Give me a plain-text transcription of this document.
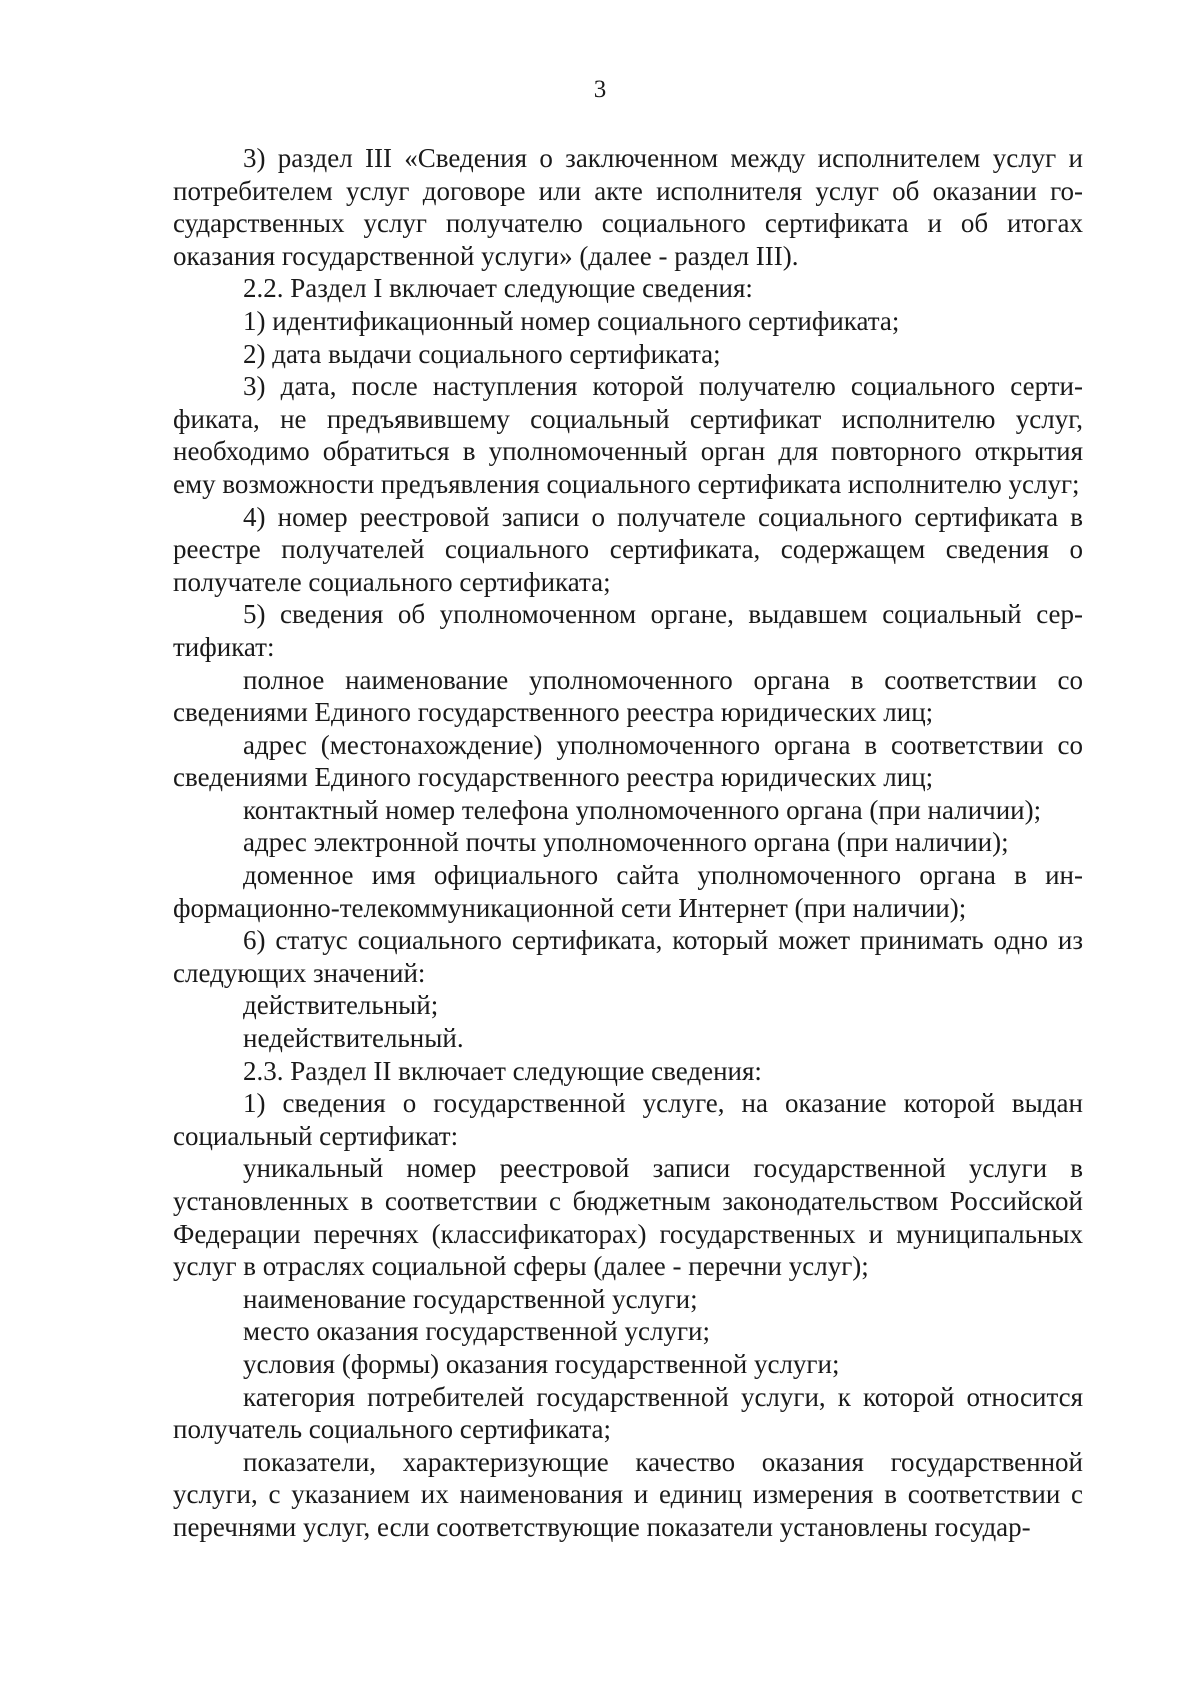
3

3) раздел III «Сведения о заключенном между исполнителем услуг и потребителем услуг договоре или акте исполнителя услуг об оказании государственных услуг получателю социального сертификата и об итогах оказания государственной услуги» (далее - раздел III).

2.2. Раздел I включает следующие сведения:

1) идентификационный номер социального сертификата;

2) дата выдачи социального сертификата;

3) дата, после наступления которой получателю социального сертификата, не предъявившему социальный сертификат исполнителю услуг, необходимо обратиться в уполномоченный орган для повторного открытия ему возможности предъявления социального сертификата исполнителю услуг;

4) номер реестровой записи о получателе социального сертификата в реестре получателей социального сертификата, содержащем сведения о получателе социального сертификата;

5) сведения об уполномоченном органе, выдавшем социальный сертификат:

полное наименование уполномоченного органа в соответствии со сведениями Единого государственного реестра юридических лиц;

адрес (местонахождение) уполномоченного органа в соответствии со сведениями Единого государственного реестра юридических лиц;

контактный номер телефона уполномоченного органа (при наличии);

адрес электронной почты уполномоченного органа (при наличии);

доменное имя официального сайта уполномоченного органа в информационно-телекоммуникационной сети Интернет (при наличии);

6) статус социального сертификата, который может принимать одно из следующих значений:

действительный;

недействительный.

2.3. Раздел II включает следующие сведения:

1) сведения о государственной услуге, на оказание которой выдан социальный сертификат:

уникальный номер реестровой записи государственной услуги в установленных в соответствии с бюджетным законодательством Российской Федерации перечнях (классификаторах) государственных и муниципальных услуг в отраслях социальной сферы (далее - перечни услуг);

наименование государственной услуги;

место оказания государственной услуги;

условия (формы) оказания государственной услуги;

категория потребителей государственной услуги, к которой относится получатель социального сертификата;

показатели, характеризующие качество оказания государственной услуги, с указанием их наименования и единиц измерения в соответствии с перечнями услуг, если соответствующие показатели установлены государ-
